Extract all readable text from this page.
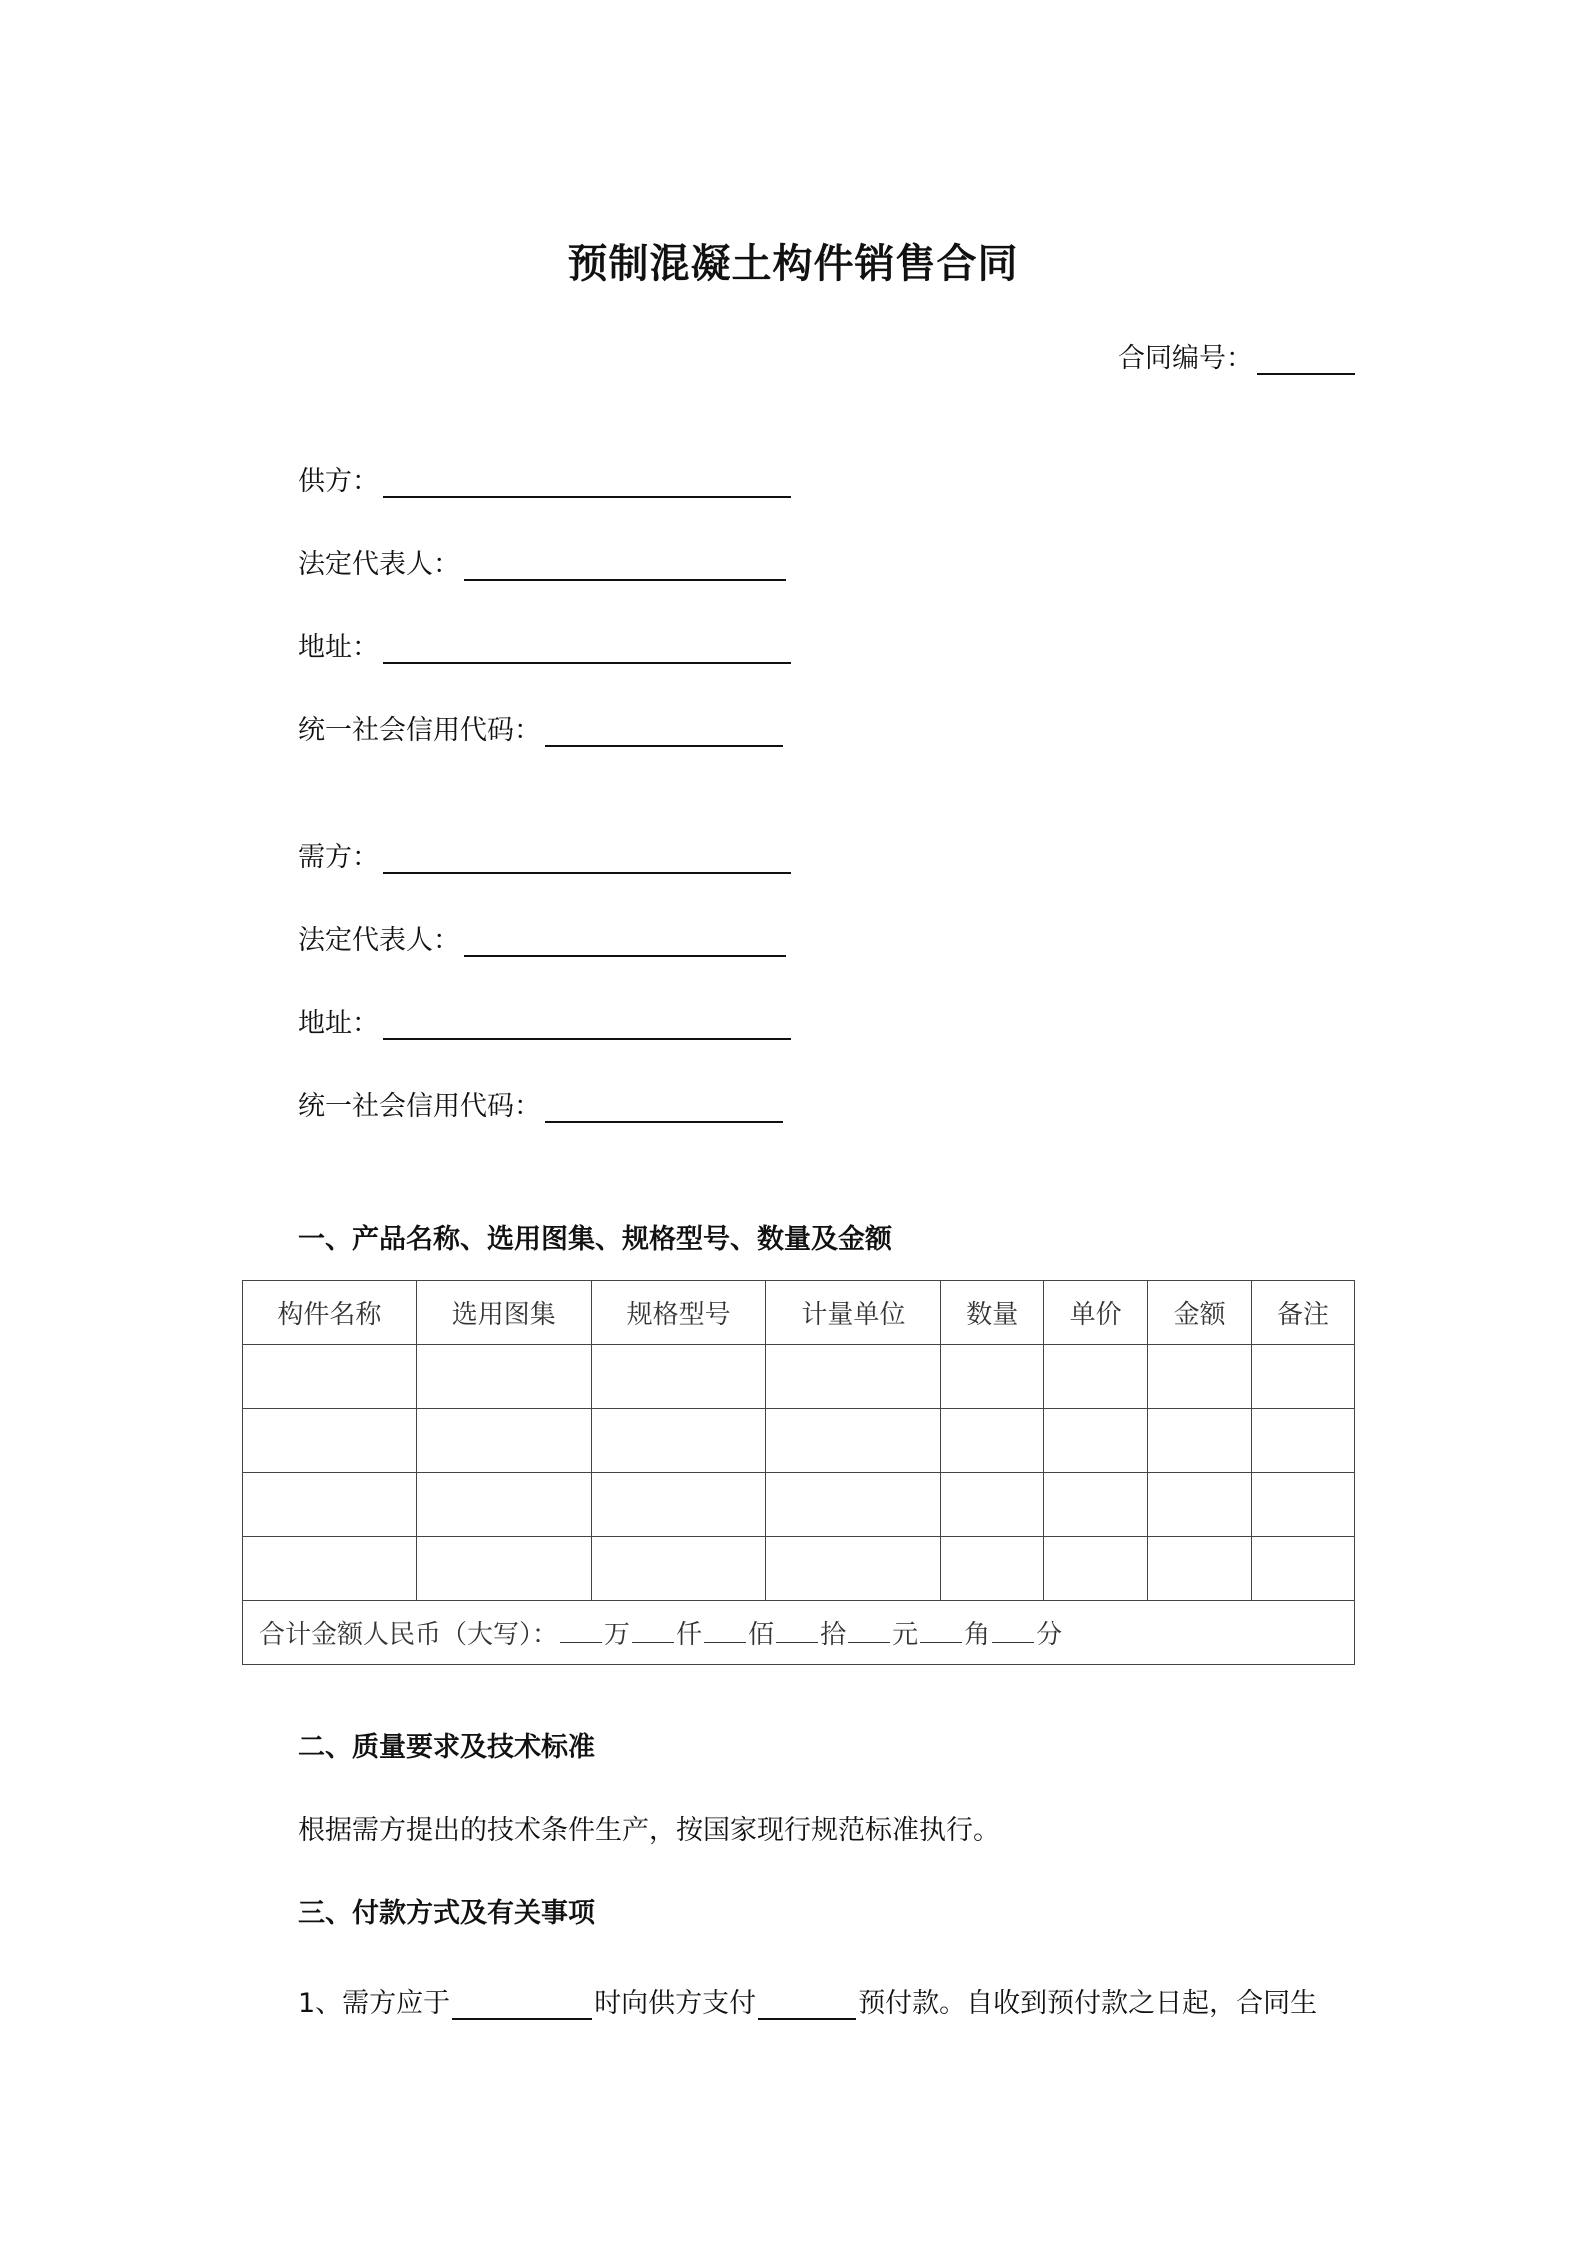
预制混凝土构件销售合同
合同编号：
供方：
法定代表人：
地址：
统一社会信用代码：
需方：
法定代表人：
地址：
统一社会信用代码：
一、产品名称、选用图集、规格型号、数量及金额
构件名称	选用图集	规格型号	计量单位	数量	单价	金额	备注

合计金额人民币（大写）： 万 仟 佰 拾 元 角 分							
二、质量要求及技术标准
根据需方提出的技术条件生产，按国家现行规范标准执行。
三、付款方式及有关事项
1、需方应于	时向供方支付	预付款。自收到预付款之日起，合同生
